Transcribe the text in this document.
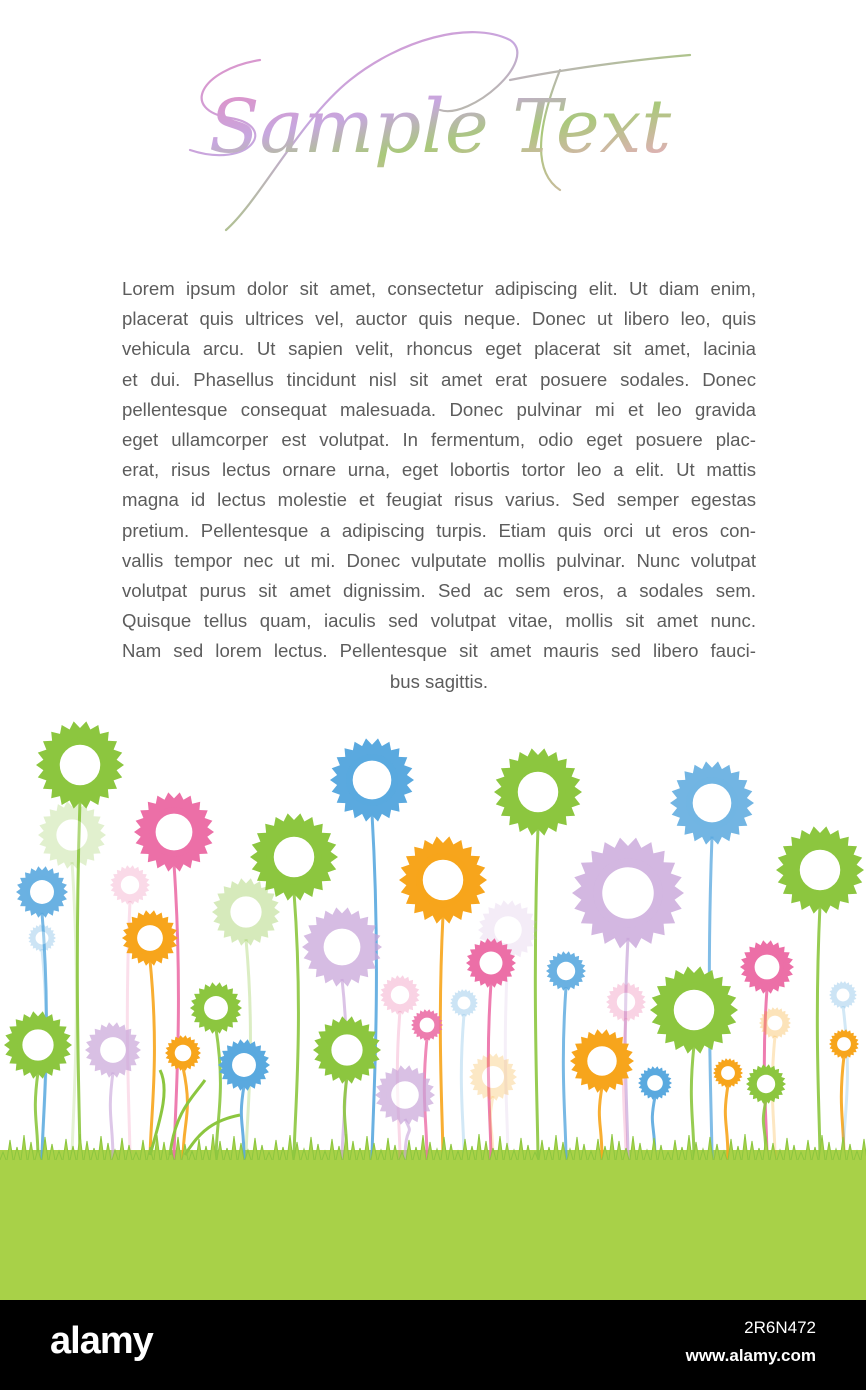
Sample Text

Lorem ipsum dolor sit amet, consectetur adipiscing elit. Ut diam enim,
placerat quis ultrices vel, auctor quis neque. Donec ut libero leo, quis
vehicula arcu. Ut sapien velit, rhoncus eget placerat sit amet, lacinia
et dui. Phasellus tincidunt nisl sit amet erat posuere sodales. Donec
pellentesque consequat malesuada. Donec pulvinar mi et leo gravida
eget ullamcorper est volutpat. In fermentum, odio eget posuere plac-
erat, risus lectus ornare urna, eget lobortis tortor leo a elit. Ut mattis
magna id lectus molestie et feugiat risus varius. Sed semper egestas
pretium. Pellentesque a adipiscing turpis. Etiam quis orci ut eros con-
vallis tempor nec ut mi. Donec vulputate mollis pulvinar. Nunc volutpat
volutpat purus sit amet dignissim. Sed ac sem eros, a sodales sem.
Quisque tellus quam, iaculis sed volutpat vitae, mollis sit amet nunc.
Nam sed lorem lectus. Pellentesque sit amet mauris sed libero fauci-
bus sagittis.

alamy	2R6N472
www.alamy.com
